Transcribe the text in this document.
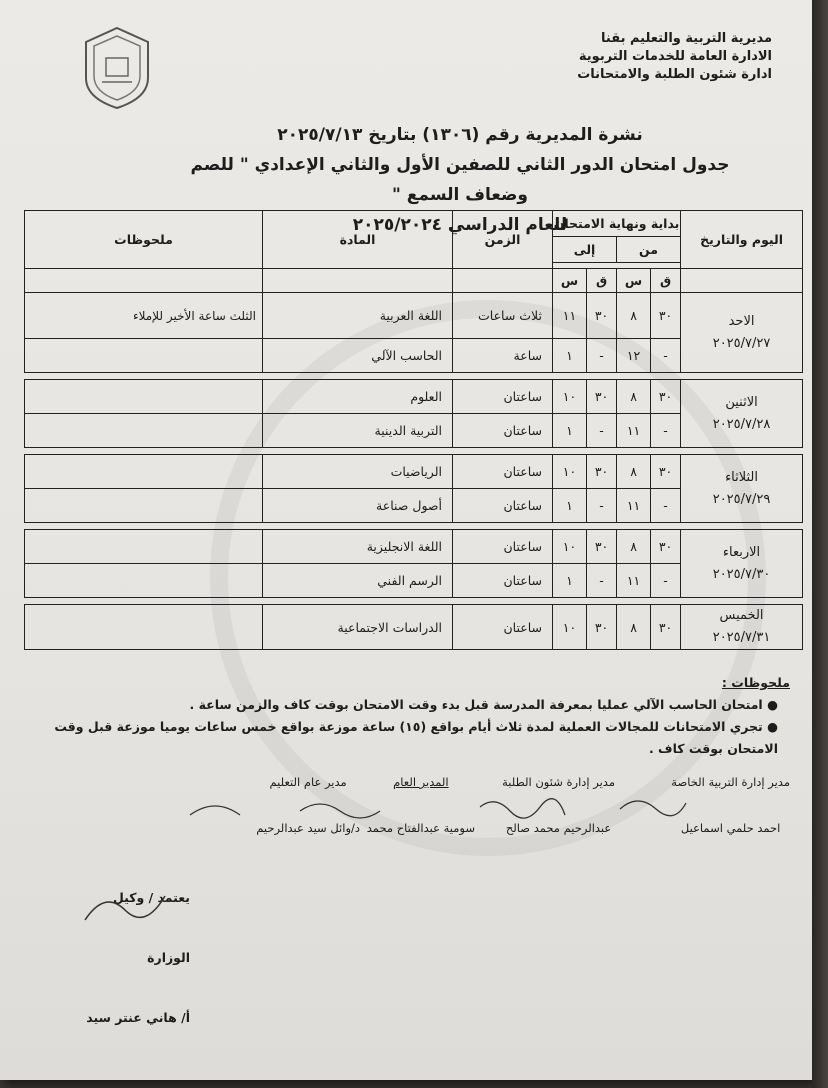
مديرية التربية والتعليم بقنا
الادارة العامة للخدمات التربوية
ادارة شئون الطلبة والامتحانات
نشرة المديرية رقم (١٣٠٦) بتاريخ ٢٠٢٥/٧/١٣
جدول امتحان الدور الثاني للصفين الأول والثاني الإعدادي " للصم وضعاف السمع "
للعام الدراسي ٢٠٢٥/٢٠٢٤
اليوم والتاريخ	بداية ونهاية الامتحان				الزمن	المادة	ملحوظات
	من		إلى				

	ق	س	ق	س			

الاحد
٢٠٢٥/٧/٢٧	٣٠	٨	٣٠	١١	ثلاث ساعات	اللغة العربية	الثلث ساعة الأخير للإملاء
	-	١٢	-	١	ساعة	الحاسب الآلي	

الاثنين
٢٠٢٥/٧/٢٨	٣٠	٨	٣٠	١٠	ساعتان	العلوم	
	-	١١	-	١	ساعتان	التربية الدينية	

الثلاثاء
٢٠٢٥/٧/٢٩	٣٠	٨	٣٠	١٠	ساعتان	الرياضيات	
	-	١١	-	١	ساعتان	أصول صناعة	

الاربعاء
٢٠٢٥/٧/٣٠	٣٠	٨	٣٠	١٠	ساعتان	اللغة الانجليزية	
	-	١١	-	١	ساعتان	الرسم الفني	

الخميس
٢٠٢٥/٧/٣١	٣٠	٨	٣٠	١٠	ساعتان	الدراسات الاجتماعية	
ملحوظات :
● امتحان الحاسب الآلي عمليا بمعرفة المدرسة قبل بدء وقت الامتحان بوقت كاف والزمن ساعة .
● تجري الامتحانات للمجالات العملية لمدة ثلاث أيام بواقع (١٥) ساعة موزعة بواقع خمس ساعات يوميا موزعة قبل وقت الامتحان بوقت كاف .
مدير إدارة التربية الخاصة
احمد حلمي اسماعيل
مدير إدارة شئون الطلبة
عبدالرحيم محمد صالح
المدير العام
سومية عبدالفتاح محمد
مدير عام التعليم
د/وائل سيد عبدالرحيم
يعتمد / وكيل الوزارة
أ/ هاني عنتر سيد
